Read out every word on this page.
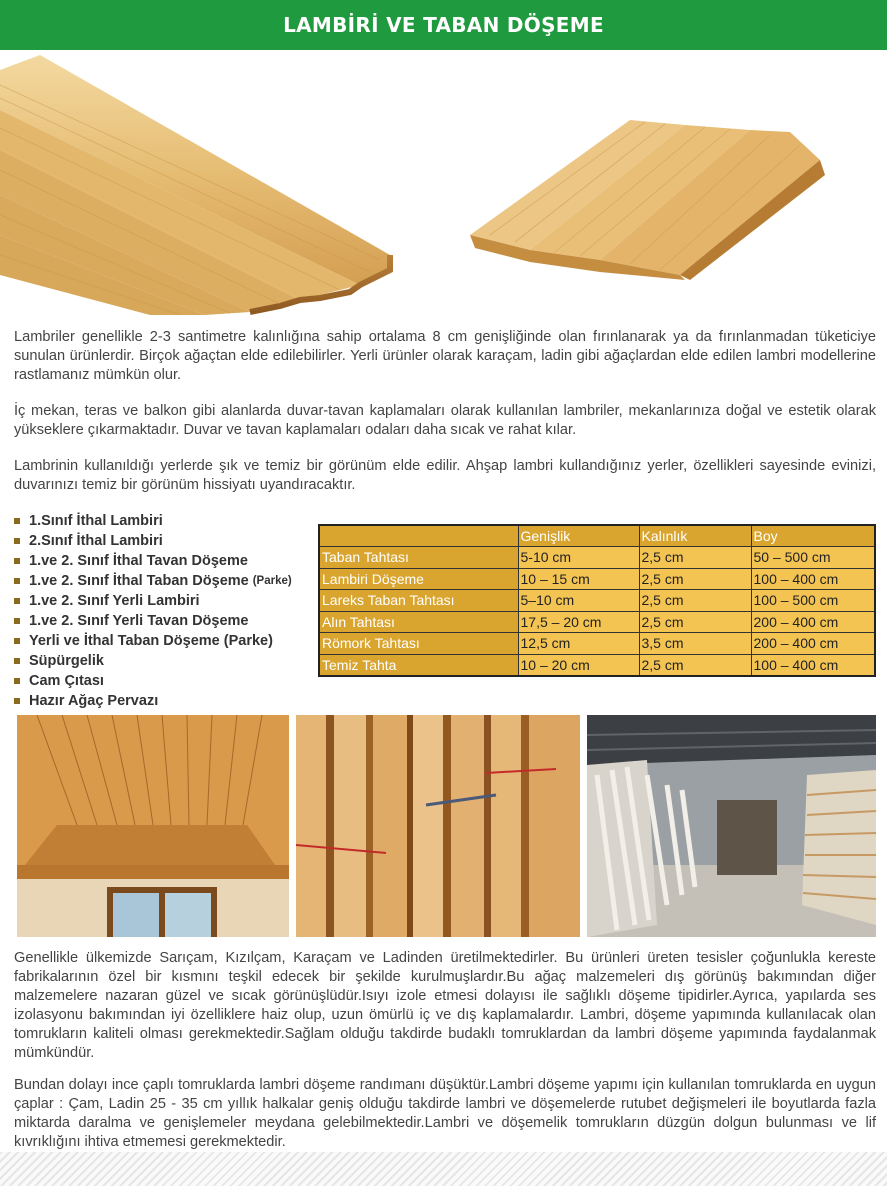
LAMBİRİ VE TABAN DÖŞEME

Lambriler genellikle 2-3 santimetre kalınlığına sahip ortalama 8 cm genişliğinde olan fırınlanarak ya da fırınlanmadan tüketiciye sunulan ürünlerdir. Birçok ağaçtan elde edilebilirler. Yerli ürünler olarak karaçam, ladin gibi ağaçlardan elde edilen lambri modellerine rastlamanız mümkün olur.

İç mekan, teras ve balkon gibi alanlarda duvar-tavan kaplamaları olarak kullanılan lambriler, mekanlarınıza doğal ve estetik olarak yükseklere çıkarmaktadır. Duvar ve tavan kaplamaları odaları daha sıcak ve rahat kılar.

Lambrinin kullanıldığı yerlerde şık ve temiz bir görünüm elde edilir. Ahşap lambri kullandığınız yerler, özellikleri sayesinde evinizi, duvarınızı temiz bir görünüm hissiyatı uyandıracaktır.

1.Sınıf İthal Lambiri
2.Sınıf İthal Lambiri
1.ve 2. Sınıf İthal Tavan Döşeme
1.ve 2. Sınıf İthal Taban Döşeme (Parke)
1.ve 2. Sınıf Yerli Lambiri
1.ve 2. Sınıf Yerli Tavan Döşeme
Yerli ve İthal Taban Döşeme (Parke)
Süpürgelik
Cam Çıtası
Hazır Ağaç Pervazı
	Genişlik	Kalınlık	Boy
Taban Tahtası	5-10 cm	2,5 cm	50 – 500 cm
Lambiri Döşeme	10 – 15 cm	2,5 cm	100 – 400 cm
Lareks Taban Tahtası	5–10 cm	2,5 cm	100 – 500 cm
Alın Tahtası	17,5 – 20 cm	2,5 cm	200 – 400 cm
Römork Tahtası	12,5 cm	3,5 cm	200 – 400 cm
Temiz Tahta	10 – 20 cm	2,5 cm	100 – 400 cm

Genellikle ülkemizde Sarıçam, Kızılçam, Karaçam ve Ladinden üretilmektedirler. Bu ürünleri üreten tesisler çoğunlukla kereste fabrikalarının özel bir kısmını teşkil edecek bir şekilde kurulmuşlardır.Bu ağaç malzemeleri dış görünüş bakımından diğer malzemelere nazaran güzel ve sıcak görünüşlüdür.Isıyı izole etmesi dolayısı ile sağlıklı döşeme tipidirler.Ayrıca, yapılarda ses izolasyonu bakımından iyi özelliklere haiz olup, uzun ömürlü iç ve dış kaplamalardır. Lambri, döşeme yapımında kullanılacak olan tomrukların kaliteli olması gerekmektedir.Sağlam olduğu takdirde budaklı tomruklardan da lambri döşeme yapımında faydalanmak mümkündür.

Bundan dolayı ince çaplı tomruklarda lambri döşeme randımanı düşüktür.Lambri döşeme yapımı için kullanılan tomruklarda en uygun çaplar : Çam, Ladin 25 - 35 cm yıllık halkalar geniş olduğu takdirde lambri ve döşemelerde rutubet değişmeleri ile boyutlarda fazla miktarda daralma ve genişlemeler meydana gelebilmektedir.Lambri ve döşemelik tomrukların düzgün dolgun bulunması ve lif kıvrıklığını ihtiva etmemesi gerekmektedir.
